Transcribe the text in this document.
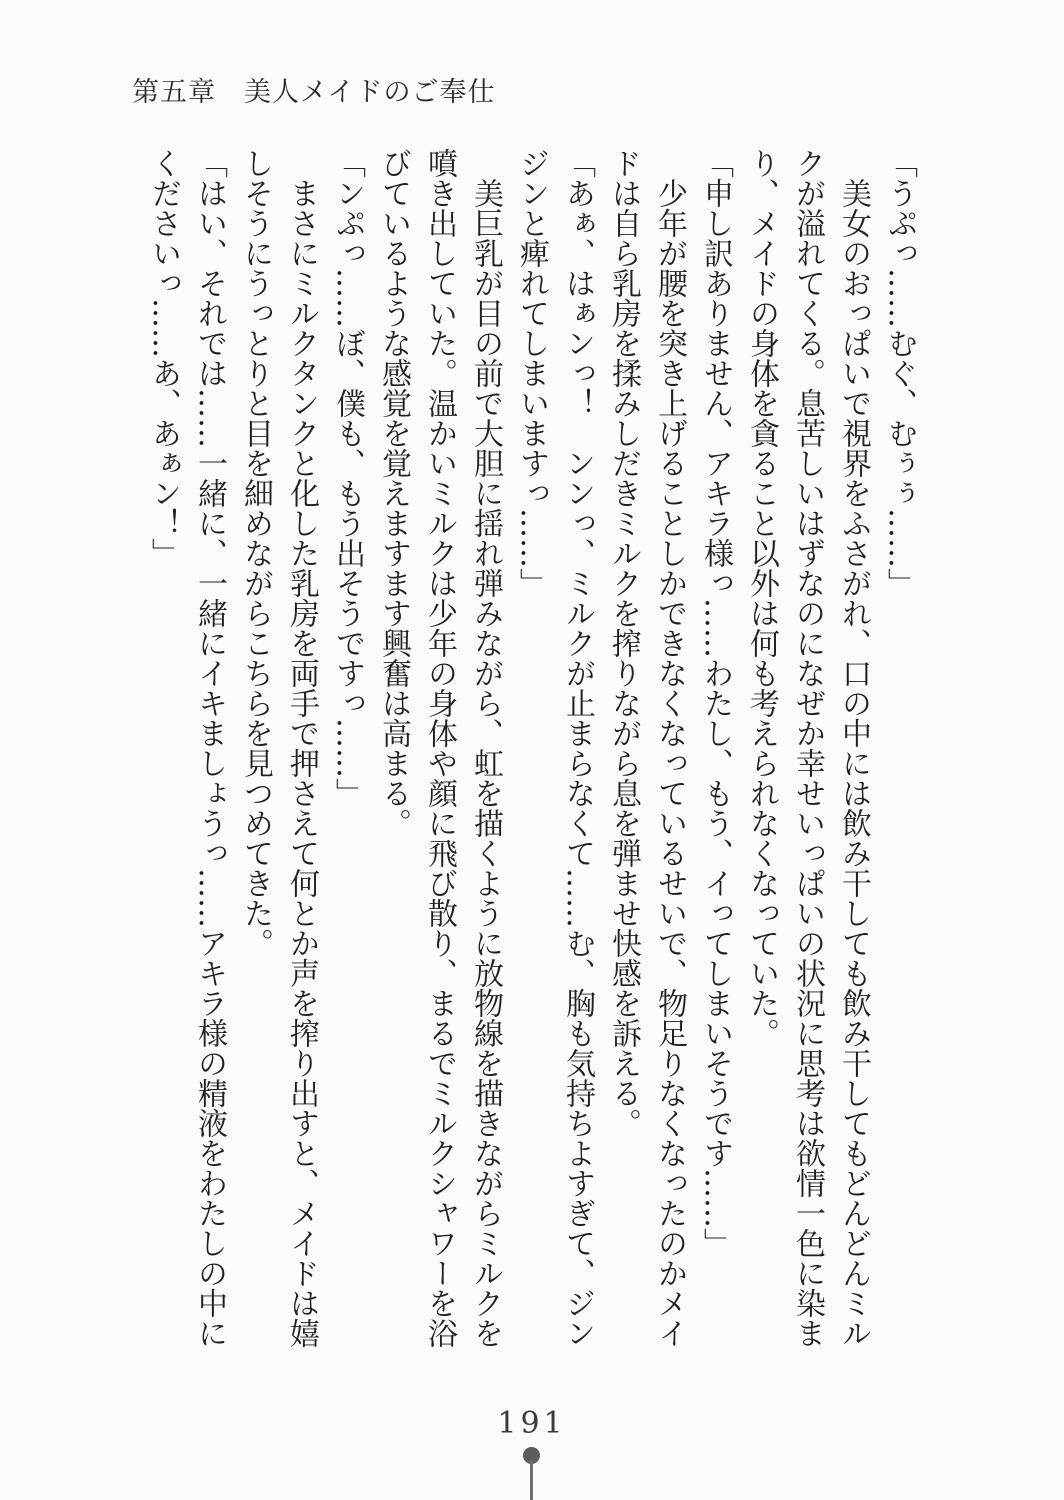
第五章　美人メイドのご奉仕

「うぷっ……むぐ、むぅぅ……」

美女のおっぱいで視界をふさがれ、口の中には飲み干しても飲み干してもどんどんミルクが溢れてくる。息苦しいはずなのになぜか幸せいっぱいの状況に思考は欲情一色に染まり、メイドの身体を貪ること以外は何も考えられなくなっていた。

「申し訳ありません、アキラ様っ……わたし、もう、イってしまいそうです……」

少年が腰を突き上げることしかできなくなっているせいで、物足りなくなったのかメイドは自ら乳房を揉みしだきミルクを搾りながら息を弾ませ快感を訴える。

「あぁ、はぁンっ！　ンンっ、ミルクが止まらなくて……む、胸も気持ちよすぎて、ジンジンと痺れてしまいますっ……」

美巨乳が目の前で大胆に揺れ弾みながら、虹を描くように放物線を描きながらミルクを噴き出していた。温かいミルクは少年の身体や顔に飛び散り、まるでミルクシャワーを浴びているような感覚を覚えますます興奮は高まる。

「ンぷっ……ぼ、僕も、もう出そうですっ……」

まさにミルクタンクと化した乳房を両手で押さえて何とか声を搾り出すと、メイドは嬉しそうにうっとりと目を細めながらこちらを見つめてきた。

「はい、それでは……一緒に、一緒にイキましょうっ……アキラ様の精液をわたしの中にくださいっ……あ、あぁン！」

191
